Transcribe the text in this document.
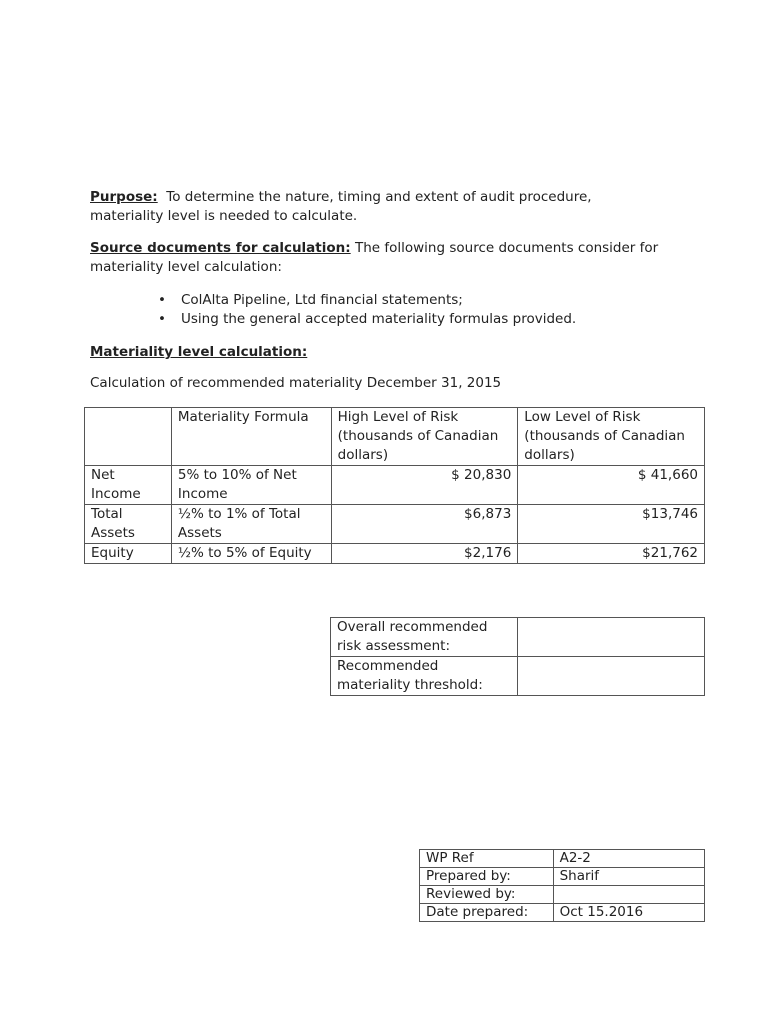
Purpose: To determine the nature, timing and extent of audit procedure,
materiality level is needed to calculate.
Source documents for calculation: The following source documents consider for
materiality level calculation:
• ColAlta Pipeline, Ltd financial statements;
• Using the general accepted materiality formulas provided.
Materiality level calculation:
Calculation of recommended materiality December 31, 2015
	Materiality Formula	High Level of Risk (thousands of Canadian dollars)	Low Level of Risk (thousands of Canadian dollars)
Net Income	5% to 10% of Net Income	$ 20,830	$ 41,660
Total Assets	½% to 1% of Total Assets	$6,873	$13,746
Equity	½% to 5% of Equity	$2,176	$21,762
Overall recommended risk assessment:	
Recommended materiality threshold:	
WP Ref	A2-2
Prepared by:	Sharif
Reviewed by:	
Date prepared:	Oct 15.2016
